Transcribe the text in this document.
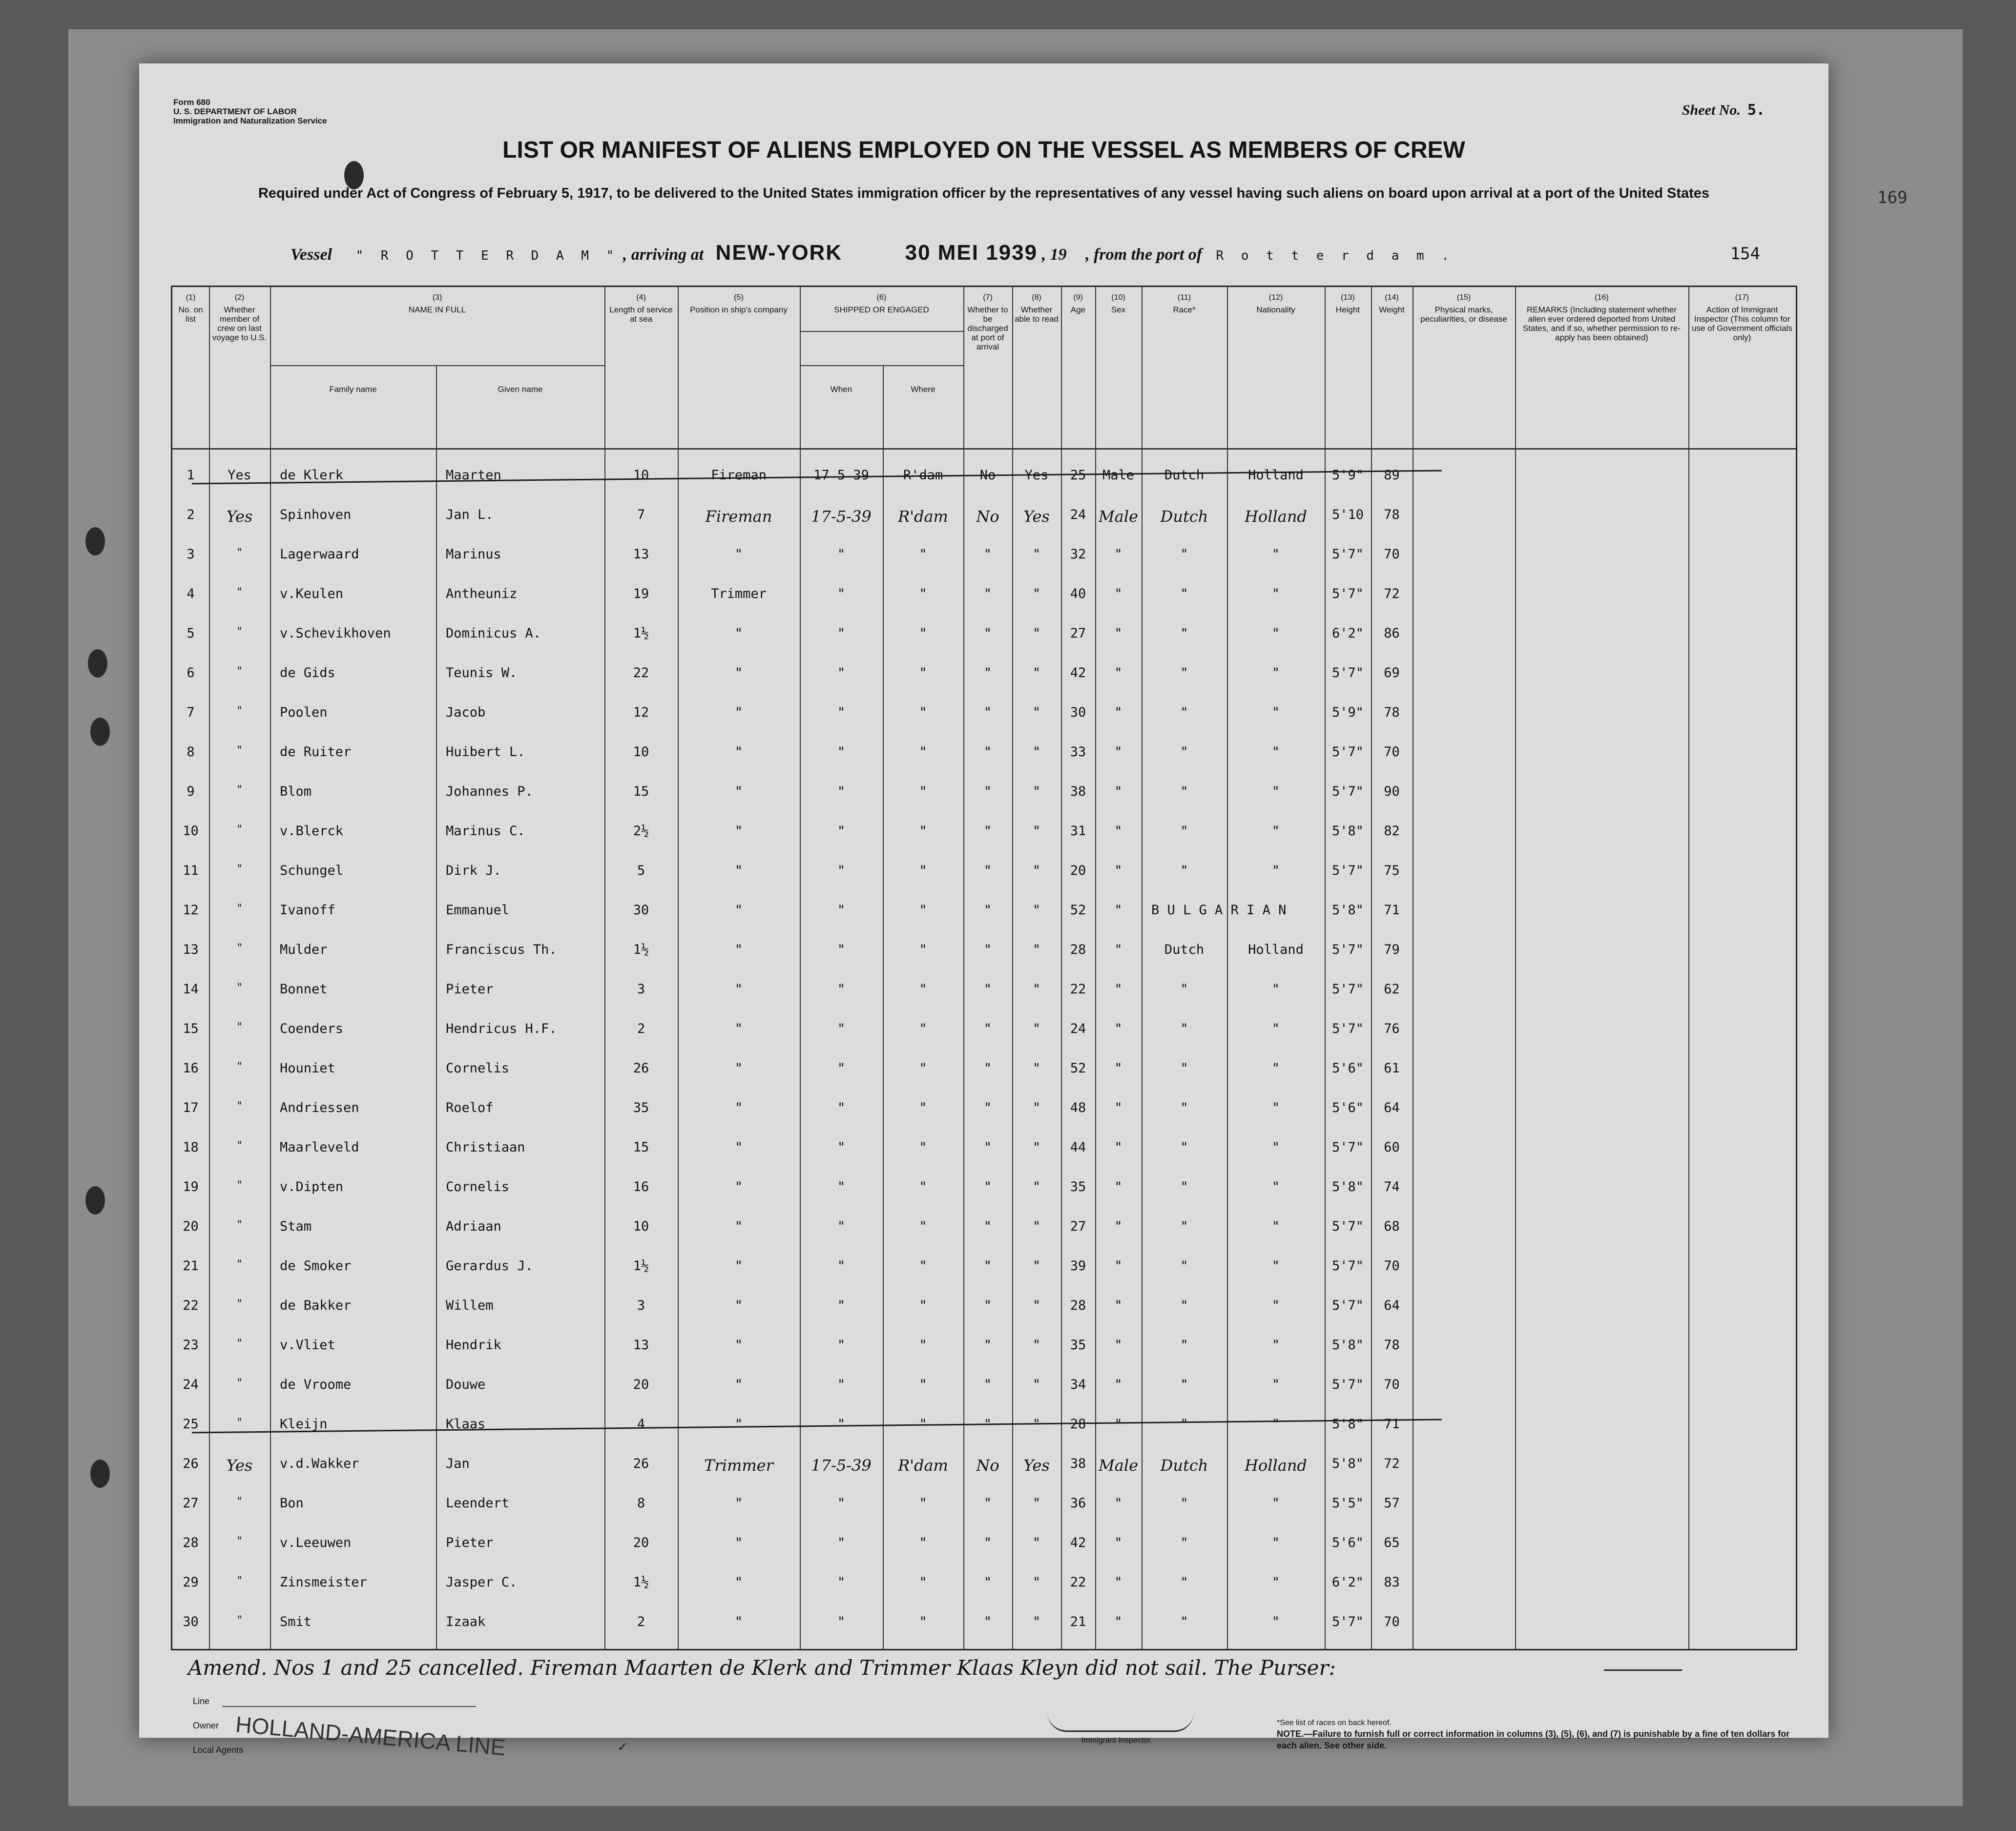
169
Form 680
U. S. DEPARTMENT OF LABOR
Immigration and Naturalization Service
Sheet No. 5.
LIST OR MANIFEST OF ALIENS EMPLOYED ON THE VESSEL AS MEMBERS OF CREW
Required under Act of Congress of February 5, 1917, to be delivered to the United States immigration officer by the representatives of any vessel having such aliens on board upon arrival at a port of the United States
Vessel " R O T T E R D A M " , arriving at NEW-YORK	30 MEI 1939 , 19 , from the port of R o t t e r d a m .	154
(1)
No. on list
(2)
Whether member of crew on last voyage to U.S.
(4)
Length of service at sea
(5)
Position in ship's company
(7)
Whether to be discharged at port of arrival
(8)
Whether able to read
(9)
Age
(10)
Sex
(11)
Race*
(12)
Nationality
(13)
Height
(14)
Weight
(15)
Physical marks, peculiarities, or disease
(16)
REMARKS (Including statement whether alien ever ordered deported from United States, and if so, whether permission to re-apply has been obtained)
(17)
Action of Immigrant Inspector (This column for use of Government officials only)
(3)
NAME IN FULL
Family name	Given name
(6)
SHIPPED OR ENGAGED
When	Where
1	Yes	de Klerk	Maarten	10	Fireman	17 5 39	R'dam	No	Yes	25	Male	Dutch	Holland	5'9"	89
2	Yes	Spinhoven	Jan L.	7	Fireman	17-5-39	R'dam	No	Yes	24 Male	Dutch	Holland	5'10	78
3	"	Lagerwaard	Marinus	13	"	"	"	"	"	32	"	"	"	5'7"	70
4	"	v.Keulen	Antheuniz	19	Trimmer	"	"	"	"	40	"	"	"	5'7"	72
5	"	v.Schevikhoven	Dominicus A.	1½	"	"	"	"	"	27	"	"	"	6'2"	86
6	"	de Gids	Teunis W.	22	"	"	"	"	"	42	"	"	"	5'7"	69
7	"	Poolen	Jacob	12	"	"	"	"	"	30	"	"	"	5'9"	78
8	"	de Ruiter	Huibert L.	10	"	"	"	"	"	33	"	"	"	5'7"	70
9	"	Blom	Johannes P.	15	"	"	"	"	"	38	"	"	"	5'7"	90
10	"	v.Blerck	Marinus C.	2½	"	"	"	"	"	31	"	"	"	5'8"	82
11	"	Schungel	Dirk J.	5	"	"	"	"	"	20	"	"	"	5'7"	75
12	"	Ivanoff	Emmanuel	30	"	"	"	"	"	52	"	B U L G A R I A N	5'8"	71
13	"	Mulder	Franciscus Th.	1½	"	"	"	"	"	28	"	Dutch	Holland	5'7"	79
14	"	Bonnet	Pieter	3	"	"	"	"	"	22	"	"	"	5'7"	62
15	"	Coenders	Hendricus H.F.	2	"	"	"	"	"	24	"	"	"	5'7"	76
16	"	Houniet	Cornelis	26	"	"	"	"	"	52	"	"	"	5'6"	61
17	"	Andriessen	Roelof	35	"	"	"	"	"	48	"	"	"	5'6"	64
18	"	Maarleveld	Christiaan	15	"	"	"	"	"	44	"	"	"	5'7"	60
19	"	v.Dipten	Cornelis	16	"	"	"	"	"	35	"	"	"	5'8"	74
20	"	Stam	Adriaan	10	"	"	"	"	"	27	"	"	"	5'7"	68
21	"	de Smoker	Gerardus J.	1½	"	"	"	"	"	39	"	"	"	5'7"	70
22	"	de Bakker	Willem	3	"	"	"	"	"	28	"	"	"	5'7"	64
23	"	v.Vliet	Hendrik	13	"	"	"	"	"	35	"	"	"	5'8"	78
24	"	de Vroome	Douwe	20	"	"	"	"	"	34	"	"	"	5'7"	70
25	"	Kleijn	Klaas	4	"	"	"	"	"	28	"	"	"	5'8"	71
26	Yes	v.d.Wakker	Jan	26	Trimmer	17-5-39	R'dam	No	Yes	38 Male	Dutch	Holland	5'8"	72
27	"	Bon	Leendert	8	"	"	"	"	"	36	"	"	"	5'5"	57
28	"	v.Leeuwen	Pieter	20	"	"	"	"	"	42	"	"	"	5'6"	65
29	"	Zinsmeister	Jasper C.	1½	"	"	"	"	"	22	"	"	"	6'2"	83
30	"	Smit	Izaak	2	"	"	"	"	"	21	"	"	"	5'7"	70
Amend. Nos 1 and 25 cancelled. Fireman Maarten de Klerk and Trimmer Klaas Kleyn did not sail. The Purser:
Line
Owner HOLLAND-AMERICA LINE
Local Agents	✓
Immigrant Inspector.
*See list of races on back hereof.
NOTE.—Failure to furnish full or correct information in columns (3), (5), (6), and (7) is punishable by a fine of ten dollars for each alien. See other side.
